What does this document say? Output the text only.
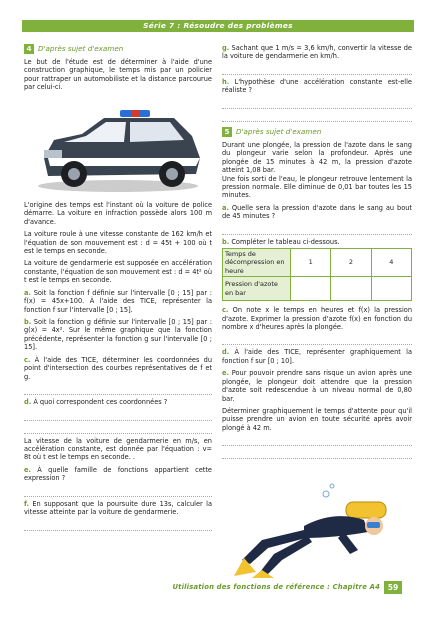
Série 7 : Résoudre des problèmes
4 D'après sujet d'examen

Le but de l'étude est de déterminer à l'aide d'une construction graphique, le temps mis par un policier pour rattraper un automobiliste et la distance parcourue par celui-ci.

L'origine des temps est l'instant où la voiture de police démarre. La voiture en infraction possède alors 100 m d'avance.

La voiture roule à une vitesse constante de 162 km/h et l'équation de son mouvement est : d = 45t + 100 où t est le temps en seconde.

La voiture de gendarmerie est supposée en accélération constante, l'équation de son mouvement est : d = 4t² où t est le temps en seconde.

a. Soit la fonction f définie sur l'intervalle [0 ; 15] par : f(x) = 45x+100. À l'aide des TICE, représenter la fonction f sur l'intervalle [0 ; 15].

b. Soit la fonction g définie sur l'intervalle [0 ; 15] par : g(x) = 4x². Sur le même graphique que la fonction précédente, représenter la fonction g sur l'intervalle [0 ; 15].

c. À l'aide des TICE, déterminer les coordonnées du point d'intersection des courbes représentatives de f et g.

d. À quoi correspondent ces coordonnées ?

La vitesse de la voiture de gendarmerie en m/s, en accélération constante, est donnée par l'équation : v= 8t où t est le temps en seconde. .

e. À quelle famille de fonctions appartient cette expression ?

f. En supposant que la poursuite dure 13s, calculer la vitesse atteinte par la voiture de gendarmerie.

g. Sachant que 1 m/s = 3,6 km/h, convertir la vitesse de la voiture de gendarmerie en km/h.

h. L'hypothèse d'une accélération constante est-elle réaliste ?

5 D'après sujet d'examen

Durant une plongée, la pression de l'azote dans le sang du plongeur varie selon la profondeur. Après une plongée de 15 minutes à 42 m, la pression d'azote atteint 1,08 bar.

Une fois sorti de l'eau, le plongeur retrouve lentement la pression normale. Elle diminue de 0,01 bar toutes les 15 minutes.

a. Quelle sera la pression d'azote dans le sang au bout de 45 minutes ?

b. Compléter le tableau ci-dessous.

Temps de décompression en heure	1	2	4
Pression d'azote en bar			

c. On note x le temps en heures et f(x) la pression d'azote. Exprimer la pression d'azote f(x) en fonction du nombre x d'heures après la plongée.

d. À l'aide des TICE, représenter graphiquement la fonction f sur [0 ; 10].

e. Pour pouvoir prendre sans risque un avion après une plongée, le plongeur doit attendre que la pression d'azote soit redescendue à un niveau normal de 0,80 bar.

Déterminer graphiquement le temps d'attente pour qu'il puisse prendre un avion en toute sécurité après avoir plongé à 42 m.

Utilisation des fonctions de référence : Chapitre A4	59
